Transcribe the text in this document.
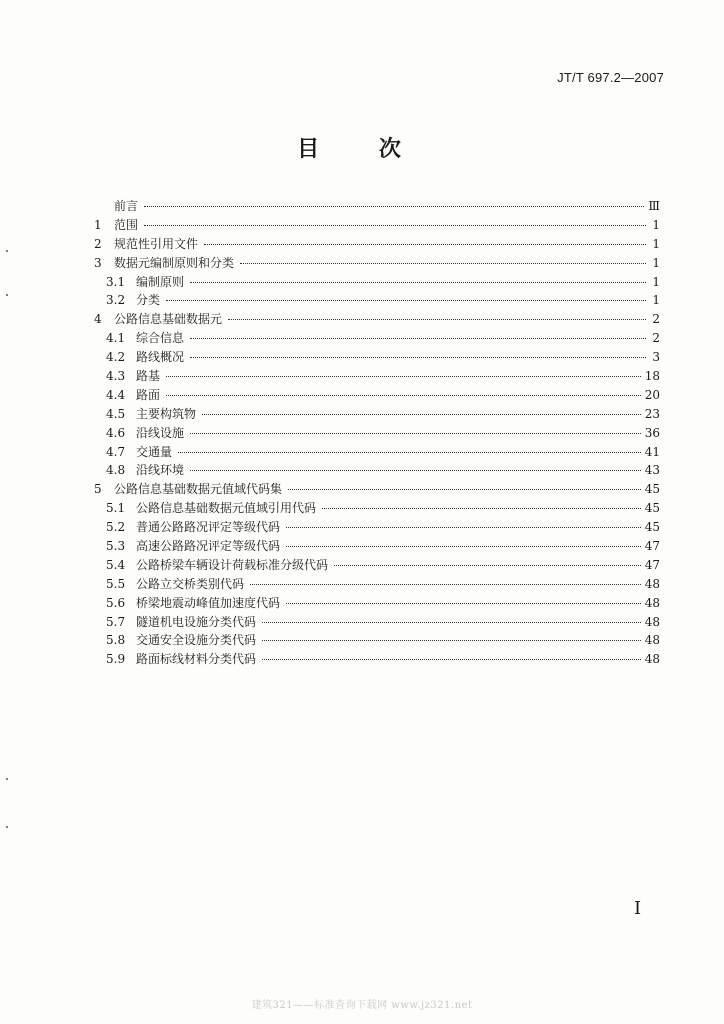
JT/T 697.2—2007
目 次
前言	Ⅲ
1	范围	1
2	规范性引用文件	1
3	数据元编制原则和分类	1
3.1 编制原则	1
3.2 分类	1
4	公路信息基础数据元	2
4.1 综合信息	2
4.2 路线概况	3
4.3 路基	18
4.4 路面	20
4.5 主要构筑物	23
4.6 沿线设施	36
4.7 交通量	41
4.8 沿线环境	43
5	公路信息基础数据元值域代码集	45
5.1 公路信息基础数据元值域引用代码	45
5.2 普通公路路况评定等级代码	45
5.3 高速公路路况评定等级代码	47
5.4 公路桥梁车辆设计荷载标准分级代码	47
5.5 公路立交桥类别代码	48
5.6 桥梁地震动峰值加速度代码	48
5.7 隧道机电设施分类代码	48
5.8 交通安全设施分类代码	48
5.9 路面标线材料分类代码	48
I
建筑321——标准查询下载网 www.jz321.net
